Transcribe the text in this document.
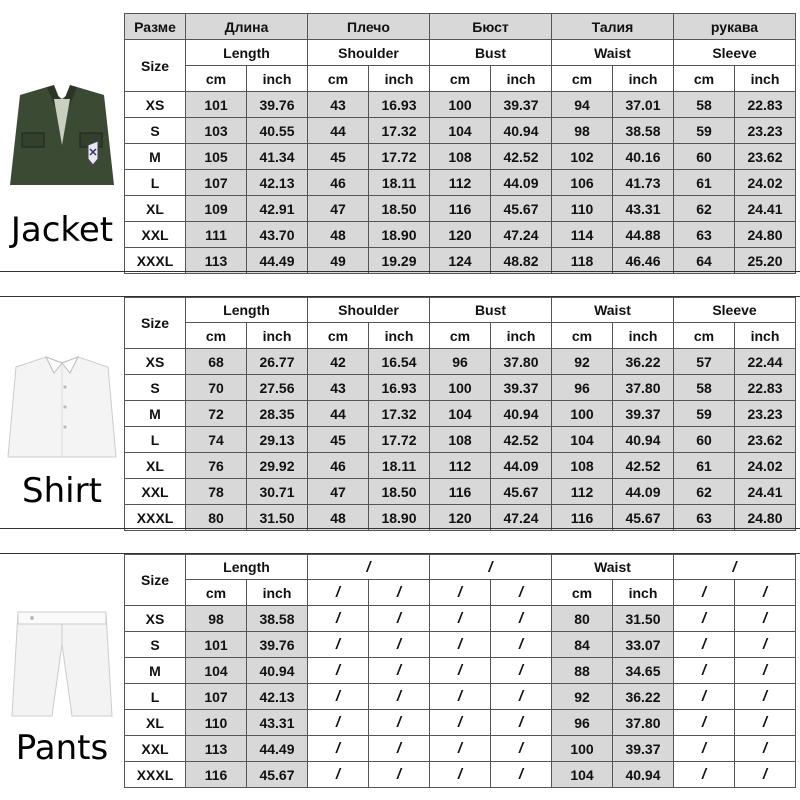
Jacket
Разме	Длина		Плечо		Бюст		Талия		рукава	
Size	Length		Shoulder		Bust		Waist		Sleeve	
	cm	inch	cm	inch	cm	inch	cm	inch	cm	inch
XS	101	39.76	43	16.93	100	39.37	94	37.01	58	22.83
S	103	40.55	44	17.32	104	40.94	98	38.58	59	23.23
M	105	41.34	45	17.72	108	42.52	102	40.16	60	23.62
L	107	42.13	46	18.11	112	44.09	106	41.73	61	24.02
XL	109	42.91	47	18.50	116	45.67	110	43.31	62	24.41
XXL	111	43.70	48	18.90	120	47.24	114	44.88	63	24.80
XXXL	113	44.49	49	19.29	124	48.82	118	46.46	64	25.20
Shirt
Size	Length		Shoulder		Bust		Waist		Sleeve	
	cm	inch	cm	inch	cm	inch	cm	inch	cm	inch
XS	68	26.77	42	16.54	96	37.80	92	36.22	57	22.44
S	70	27.56	43	16.93	100	39.37	96	37.80	58	22.83
M	72	28.35	44	17.32	104	40.94	100	39.37	59	23.23
L	74	29.13	45	17.72	108	42.52	104	40.94	60	23.62
XL	76	29.92	46	18.11	112	44.09	108	42.52	61	24.02
XXL	78	30.71	47	18.50	116	45.67	112	44.09	62	24.41
XXXL	80	31.50	48	18.90	120	47.24	116	45.67	63	24.80
Pants
Size	Length		/		/		Waist		/	
	cm	inch	/	/	/	/	cm	inch	/	/
XS	98	38.58	/	/	/	/	80	31.50	/	/
S	101	39.76	/	/	/	/	84	33.07	/	/
M	104	40.94	/	/	/	/	88	34.65	/	/
L	107	42.13	/	/	/	/	92	36.22	/	/
XL	110	43.31	/	/	/	/	96	37.80	/	/
XXL	113	44.49	/	/	/	/	100	39.37	/	/
XXXL	116	45.67	/	/	/	/	104	40.94	/	/
